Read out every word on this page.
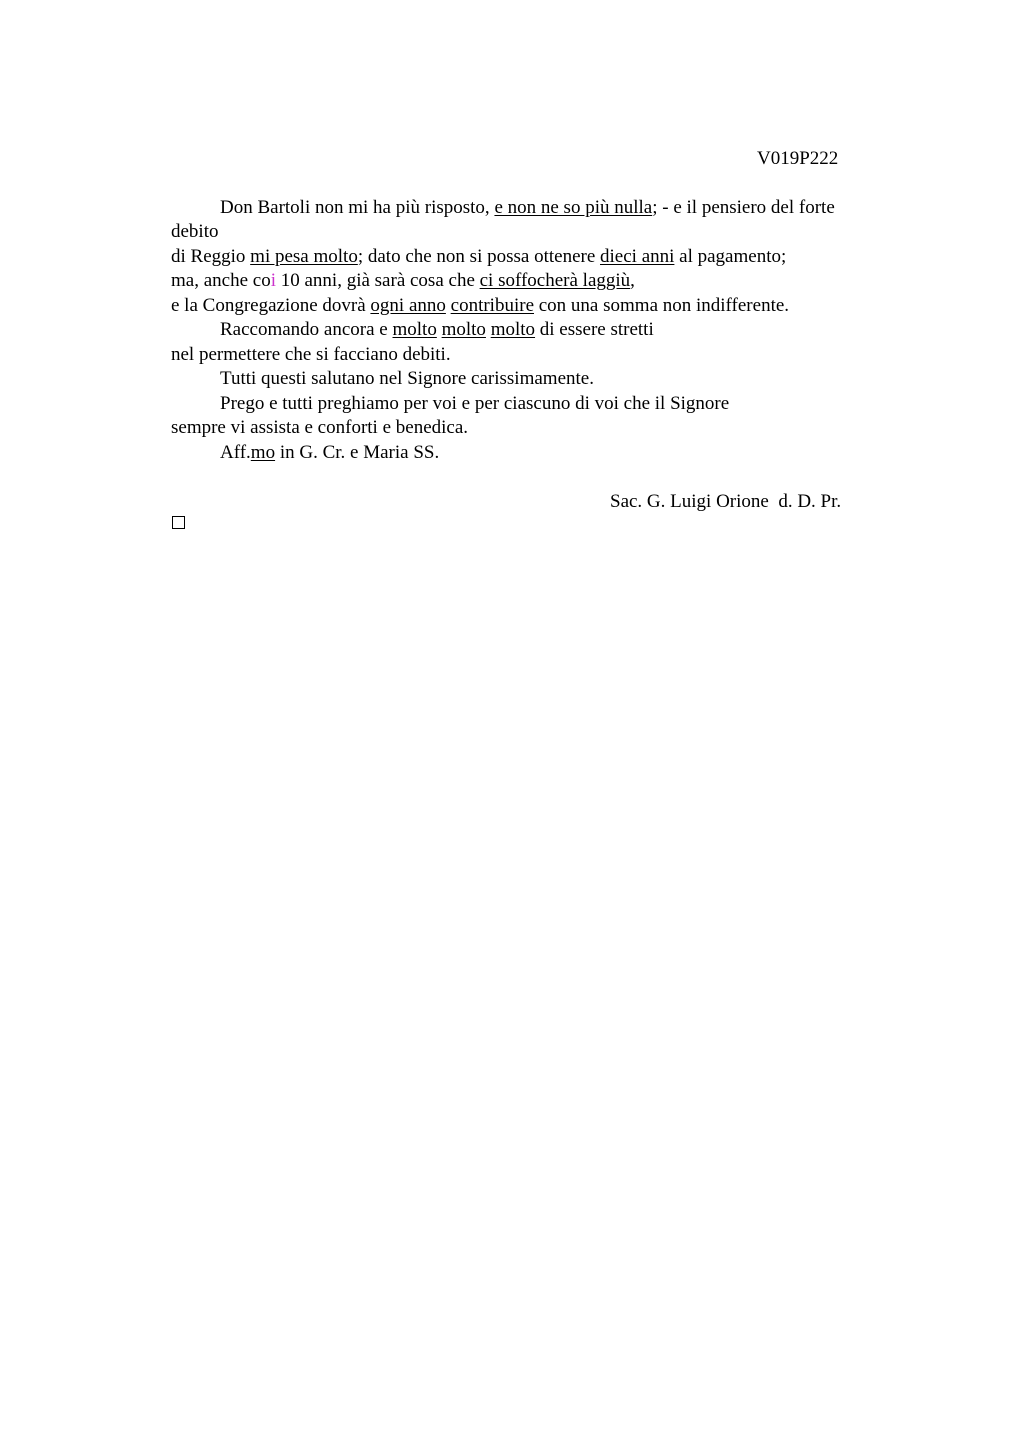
V019P222
Don Bartoli non mi ha più risposto, e non ne so più nulla; - e il pensiero del forte
debito
di Reggio mi pesa molto; dato che non si possa ottenere dieci anni al pagamento;
ma, anche coi 10 anni, già sarà cosa che ci soffocherà laggiù,
e la Congregazione dovrà ogni anno contribuire con una somma non indifferente.
Raccomando ancora e molto molto molto di essere stretti
nel permettere che si facciano debiti.
Tutti questi salutano nel Signore carissimamente.
Prego e tutti preghiamo per voi e per ciascuno di voi che il Signore
sempre vi assista e conforti e benedica.
Aff.mo in G. Cr. e Maria SS.
Sac. G. Luigi Orione  d. D. Pr.
